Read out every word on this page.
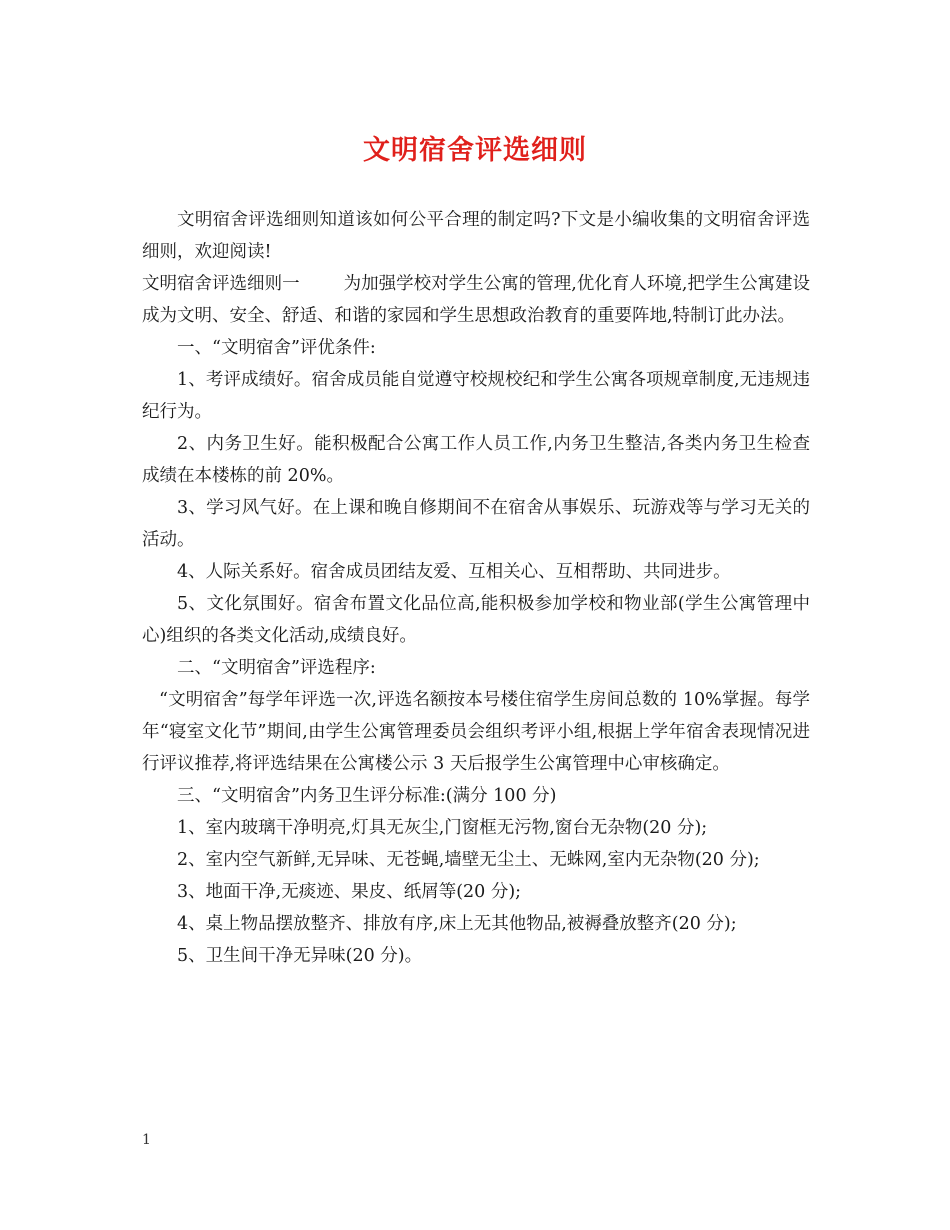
文明宿舍评选细则

文明宿舍评选细则知道该如何公平合理的制定吗?下文是小编收集的文明宿舍评选细则，欢迎阅读!

文明宿舍评选细则一	为加强学校对学生公寓的管理,优化育人环境,把学生公寓建设成为文明、安全、舒适、和谐的家园和学生思想政治教育的重要阵地,特制订此办法。

一、“文明宿舍”评优条件:

1、考评成绩好。宿舍成员能自觉遵守校规校纪和学生公寓各项规章制度,无违规违纪行为。

2、内务卫生好。能积极配合公寓工作人员工作,内务卫生整洁,各类内务卫生检查成绩在本楼栋的前 20%。

3、学习风气好。在上课和晚自修期间不在宿舍从事娱乐、玩游戏等与学习无关的活动。

4、人际关系好。宿舍成员团结友爱、互相关心、互相帮助、共同进步。

5、文化氛围好。宿舍布置文化品位高,能积极参加学校和物业部(学生公寓管理中心)组织的各类文化活动,成绩良好。

二、“文明宿舍”评选程序:

“文明宿舍”每学年评选一次,评选名额按本号楼住宿学生房间总数的 10%掌握。每学年“寝室文化节”期间,由学生公寓管理委员会组织考评小组,根据上学年宿舍表现情况进行评议推荐,将评选结果在公寓楼公示 3 天后报学生公寓管理中心审核确定。

三、“文明宿舍”内务卫生评分标准:(满分 100 分)

1、室内玻璃干净明亮,灯具无灰尘,门窗框无污物,窗台无杂物(20 分);

2、室内空气新鲜,无异味、无苍蝇,墙壁无尘土、无蛛网,室内无杂物(20 分);

3、地面干净,无痰迹、果皮、纸屑等(20 分);

4、桌上物品摆放整齐、排放有序,床上无其他物品,被褥叠放整齐(20 分);

5、卫生间干净无异味(20 分)。

1
